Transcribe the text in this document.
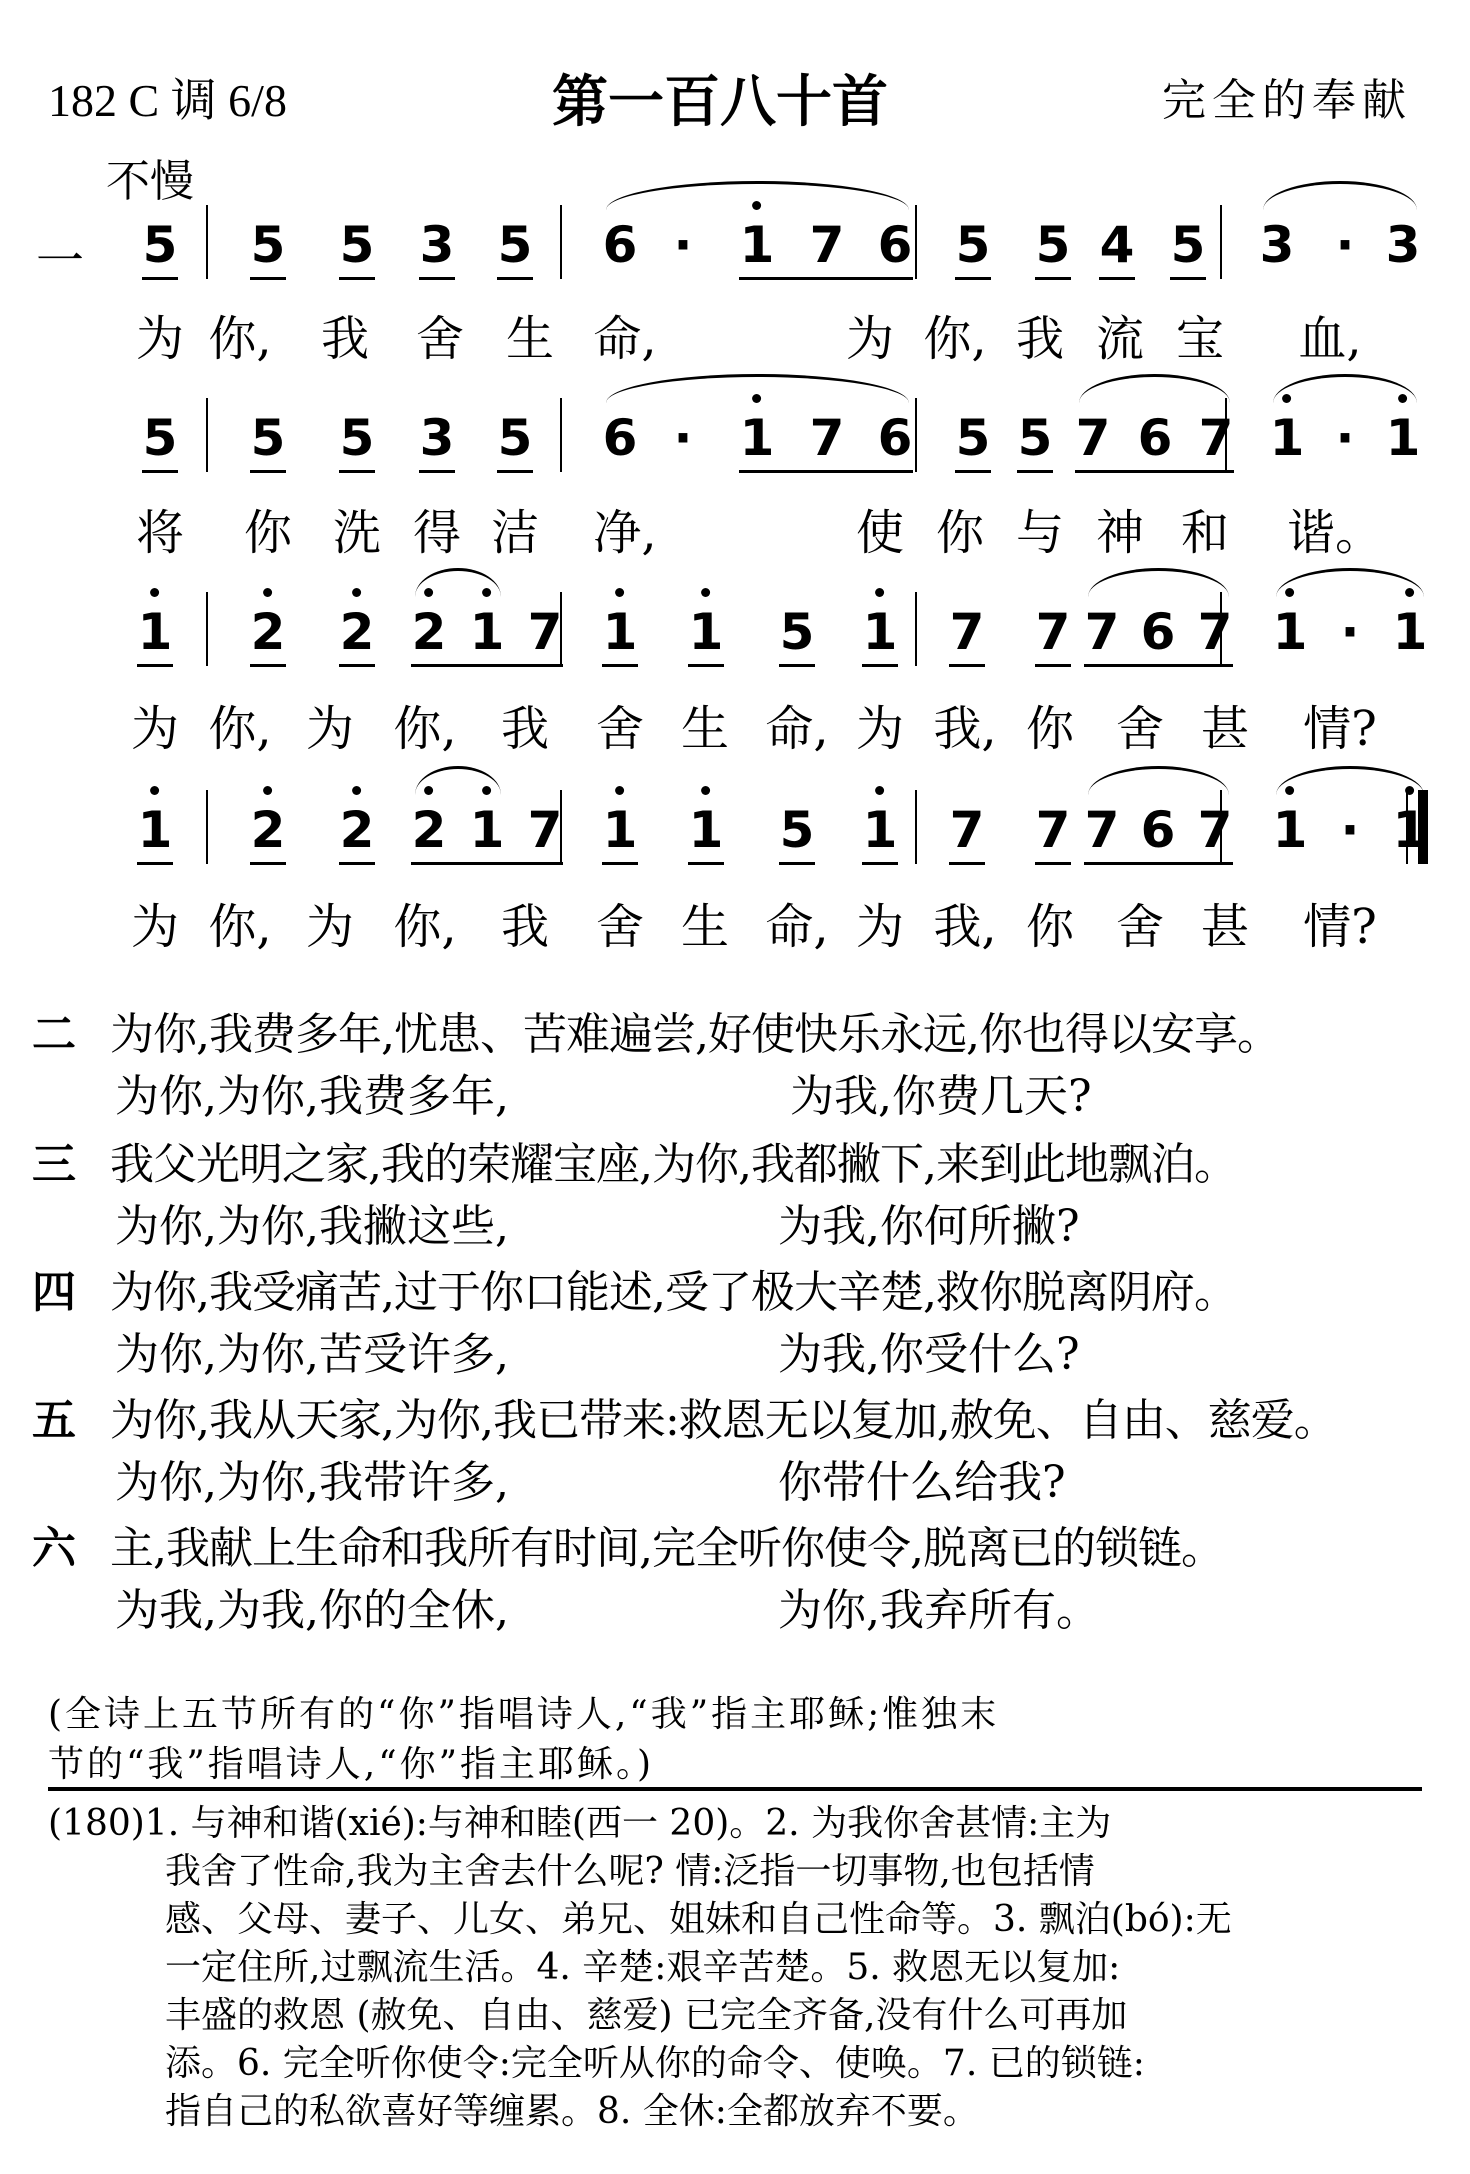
182 C 调 6/8	第一百八十首	完全的奉献
不慢
5 5 5 3 5 6 · 1 7 6 5 5 4 5 3 · 3
5 5 5 3 5 6 · 1 7 6 5 5 7 6 7 1 · 1
1 2 2 2 1 7 1 1 5 1 7 7 7 6 7 1 · 1
1 2 2 2 1 7 1 1 5 1 7 7 7 6 7 1 · 1
一
为 你, 我 舍 生 命,	为 你, 我 流 宝 血,
将 你 洗 得 洁 净,	使 你 与 神 和 谐。
为 你, 为 你, 我 舍 生 命, 为 我, 你 舍 甚 情?
为 你, 为 你, 我 舍 生 命, 为 我, 你 舍 甚 情?
二 为你,我费多年,忧患、苦难遍尝,好使快乐永远,你也得以安享。
为你,为你,我费多年,	为我,你费几天?
三 我父光明之家,我的荣耀宝座,为你,我都撇下,来到此地飘泊。
为你,为你,我撇这些,	为我,你何所撇?
四 为你,我受痛苦,过于你口能述,受了极大辛楚,救你脱离阴府。
为你,为你,苦受许多,	为我,你受什么?
五 为你,我从天家,为你,我已带来:救恩无以复加,赦免、自由、慈爱。
为你,为你,我带许多,	你带什么给我?
六 主,我献上生命和我所有时间,完全听你使令,脱离已的锁链。
为我,为我,你的全休,	为你,我弃所有。
(全诗上五节所有的“你”指唱诗人,“我”指主耶稣;惟独末
节的“我”指唱诗人,“你”指主耶稣。)
(180)1. 与神和谐(xié):与神和睦(西一 20)。2. 为我你舍甚情:主为
我舍了性命,我为主舍去什么呢? 情:泛指一切事物,也包括情
感、父母、妻子、儿女、弟兄、姐妹和自己性命等。3. 飘泊(bó):无
一定住所,过飘流生活。4. 辛楚:艰辛苦楚。5. 救恩无以复加:
丰盛的救恩 (赦免、自由、慈爱) 已完全齐备,没有什么可再加
添。6. 完全听你使令:完全听从你的命令、使唤。7. 已的锁链:
指自己的私欲喜好等缠累。8. 全休:全都放弃不要。
